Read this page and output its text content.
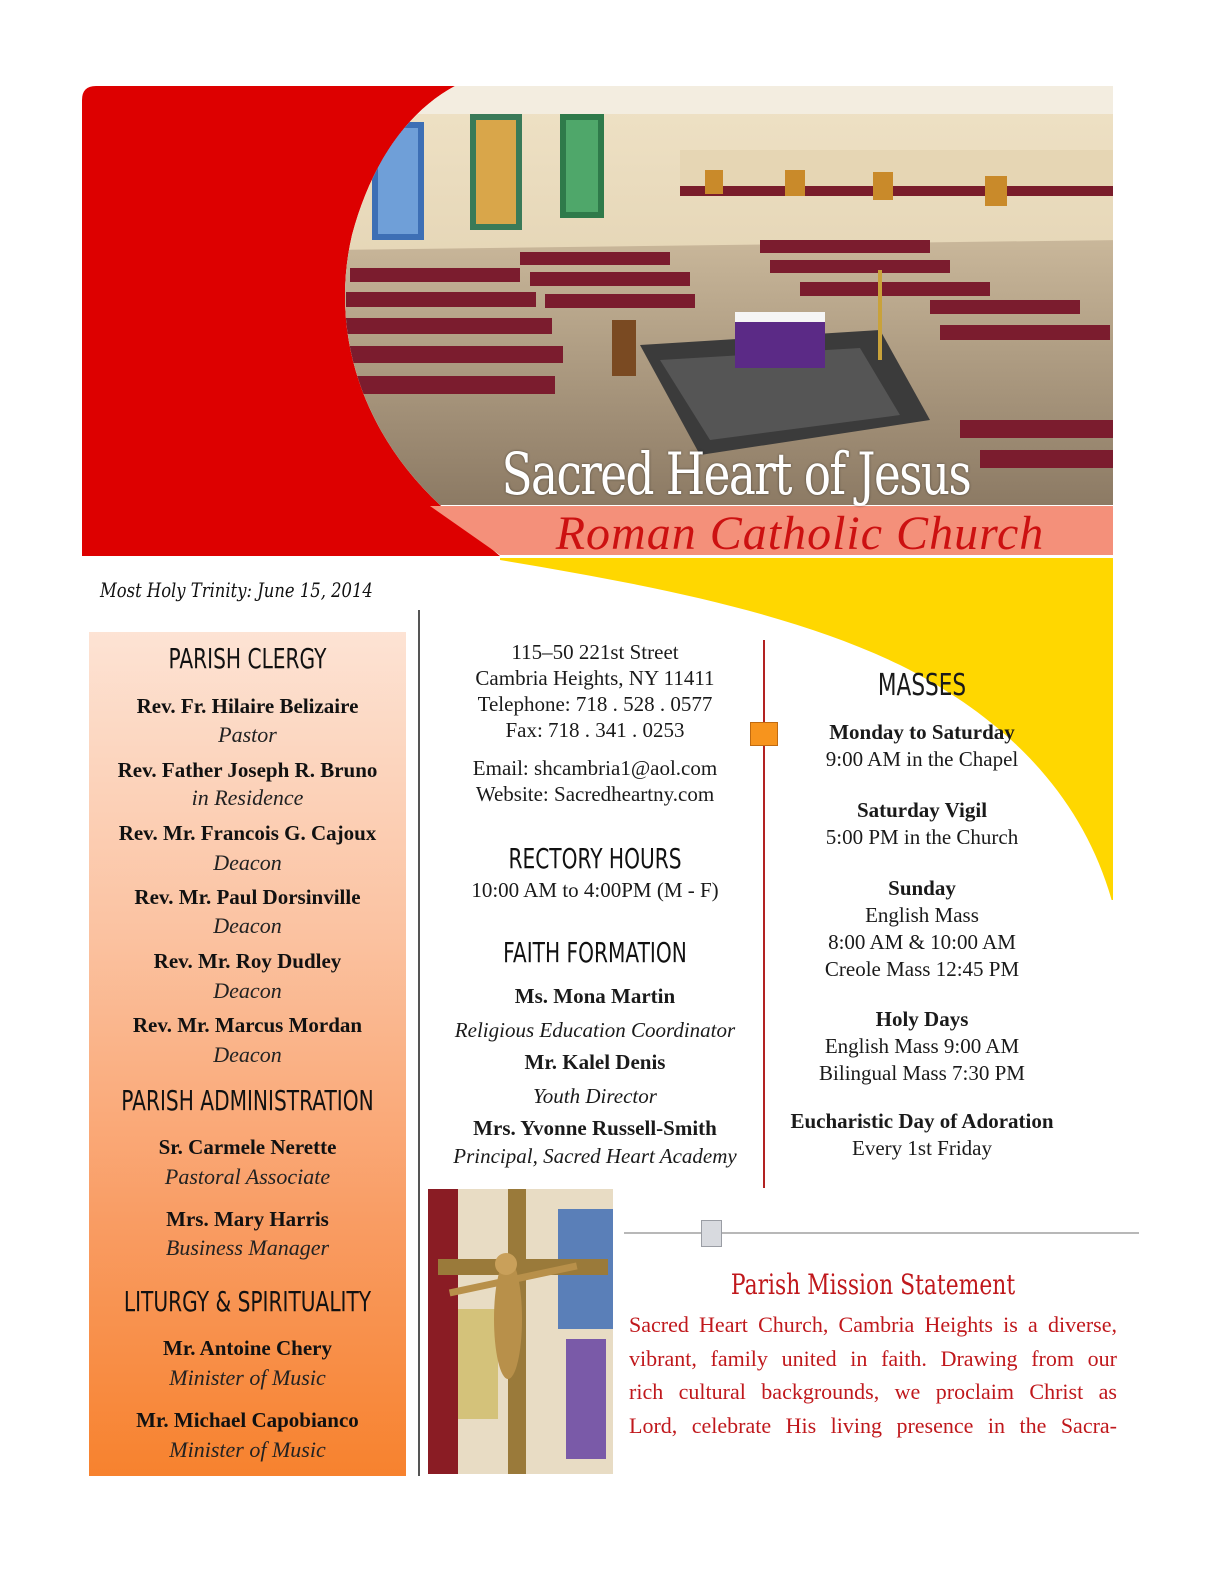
Sacred Heart of Jesus
Roman Catholic Church
Most Holy Trinity: June 15, 2014
PARISH CLERGY
Rev. Fr. Hilaire Belizaire
Pastor
Rev. Father Joseph R. Bruno
in Residence
Rev. Mr. Francois G. Cajoux
Deacon
Rev. Mr. Paul Dorsinville
Deacon
Rev. Mr. Roy Dudley
Deacon
Rev. Mr. Marcus Mordan
Deacon
PARISH ADMINISTRATION
Sr. Carmele Nerette
Pastoral Associate
Mrs. Mary Harris
Business Manager
LITURGY & SPIRITUALITY
Mr. Antoine Chery
Minister of Music
Mr. Michael Capobianco
Minister of Music
115–50 221st Street
Cambria Heights, NY 11411
Telephone: 718 . 528 . 0577
Fax: 718 . 341 . 0253
Email: shcambria1@aol.com
Website: Sacredheartny.com
RECTORY HOURS
10:00 AM to 4:00PM (M - F)
FAITH FORMATION
Ms. Mona Martin
Religious Education Coordinator
Mr. Kalel Denis
Youth Director
Mrs. Yvonne Russell-Smith
Principal, Sacred Heart Academy
MASSES
Monday to Saturday
9:00 AM in the Chapel
Saturday Vigil
5:00 PM in the Church
Sunday
English Mass
8:00 AM & 10:00 AM
Creole Mass 12:45 PM
Holy Days
English Mass 9:00 AM
Bilingual Mass 7:30 PM
Eucharistic Day of Adoration
Every 1st Friday
Parish Mission Statement
Sacred Heart Church, Cambria Heights is a diverse,
vibrant, family united in faith. Drawing from our
rich cultural backgrounds, we proclaim Christ as
Lord, celebrate His living presence in the Sacra-
